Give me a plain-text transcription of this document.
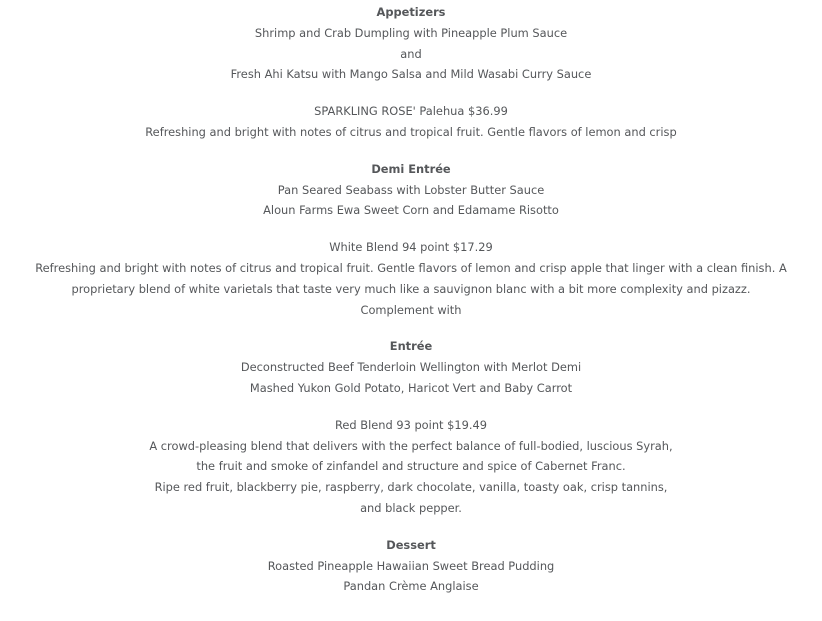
Appetizers
Shrimp and Crab Dumpling with Pineapple Plum Sauce
and
Fresh Ahi Katsu with Mango Salsa and Mild Wasabi Curry Sauce
SPARKLING ROSE' Palehua $36.99
Refreshing and bright with notes of citrus and tropical fruit. Gentle flavors of lemon and crisp
Demi Entrée
Pan Seared Seabass with Lobster Butter Sauce
Aloun Farms Ewa Sweet Corn and Edamame Risotto
White Blend 94 point $17.29
Refreshing and bright with notes of citrus and tropical fruit. Gentle flavors of lemon and crisp apple that linger with a clean finish. A proprietary blend of white varietals that taste very much like a sauvignon blanc with a bit more complexity and pizazz.
Complement with
Entrée
Deconstructed Beef Tenderloin Wellington with Merlot Demi
Mashed Yukon Gold Potato, Haricot Vert and Baby Carrot
Red Blend 93 point $19.49
A crowd-pleasing blend that delivers with the perfect balance of full-bodied, luscious Syrah,
the fruit and smoke of zinfandel and structure and spice of Cabernet Franc.
Ripe red fruit, blackberry pie, raspberry, dark chocolate, vanilla, toasty oak, crisp tannins,
and black pepper.
Dessert
Roasted Pineapple Hawaiian Sweet Bread Pudding
Pandan Crème Anglaise
